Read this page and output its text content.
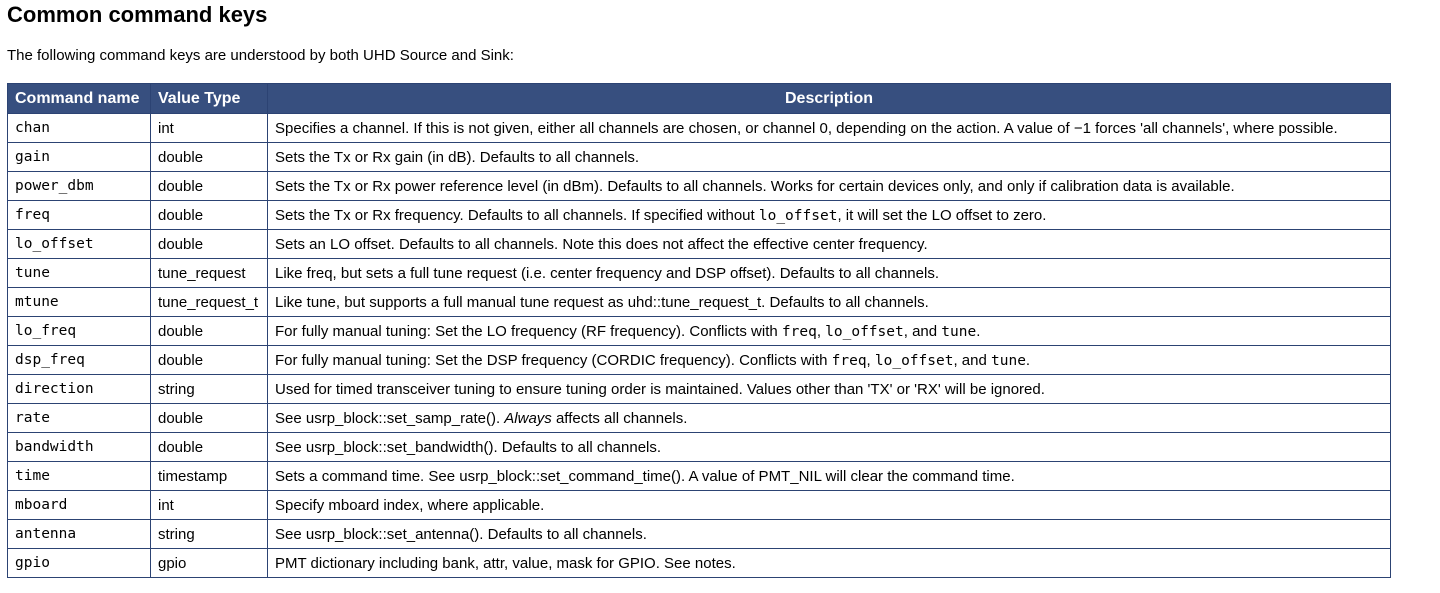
Common command keys

The following command keys are understood by both UHD Source and Sink:

Command name	Value Type	Description
chan	int	Specifies a channel. If this is not given, either all channels are chosen, or channel 0, depending on the action. A value of −1 forces 'all channels', where possible.
gain	double	Sets the Tx or Rx gain (in dB). Defaults to all channels.
power_dbm	double	Sets the Tx or Rx power reference level (in dBm). Defaults to all channels. Works for certain devices only, and only if calibration data is available.
freq	double	Sets the Tx or Rx frequency. Defaults to all channels. If specified without lo_offset, it will set the LO offset to zero.
lo_offset	double	Sets an LO offset. Defaults to all channels. Note this does not affect the effective center frequency.
tune	tune_request	Like freq, but sets a full tune request (i.e. center frequency and DSP offset). Defaults to all channels.
mtune	tune_request_t	Like tune, but supports a full manual tune request as uhd::tune_request_t. Defaults to all channels.
lo_freq	double	For fully manual tuning: Set the LO frequency (RF frequency). Conflicts with freq, lo_offset, and tune.
dsp_freq	double	For fully manual tuning: Set the DSP frequency (CORDIC frequency). Conflicts with freq, lo_offset, and tune.
direction	string	Used for timed transceiver tuning to ensure tuning order is maintained. Values other than 'TX' or 'RX' will be ignored.
rate	double	See usrp_block::set_samp_rate(). Always affects all channels.
bandwidth	double	See usrp_block::set_bandwidth(). Defaults to all channels.
time	timestamp	Sets a command time. See usrp_block::set_command_time(). A value of PMT_NIL will clear the command time.
mboard	int	Specify mboard index, where applicable.
antenna	string	See usrp_block::set_antenna(). Defaults to all channels.
gpio	gpio	PMT dictionary including bank, attr, value, mask for GPIO. See notes.
